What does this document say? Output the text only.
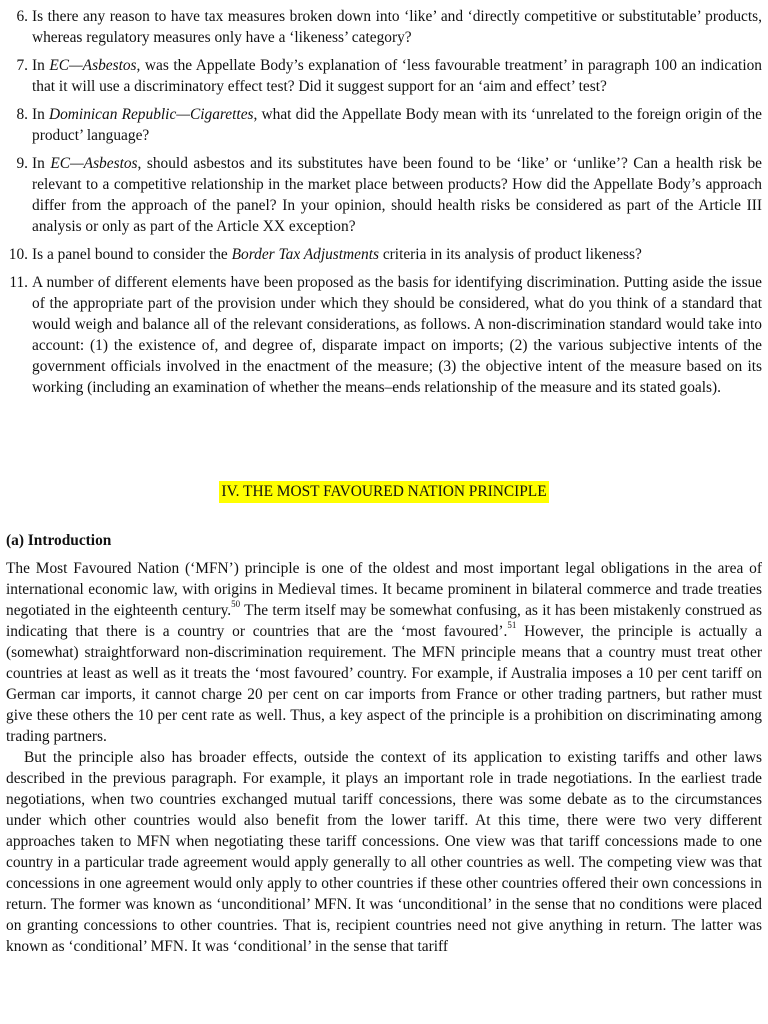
6. Is there any reason to have tax measures broken down into ‘like’ and ‘directly competitive or substitutable’ products, whereas regulatory measures only have a ‘likeness’ category?
7. In EC—Asbestos, was the Appellate Body’s explanation of ‘less favourable treatment’ in paragraph 100 an indication that it will use a discriminatory effect test? Did it suggest support for an ‘aim and effect’ test?
8. In Dominican Republic—Cigarettes, what did the Appellate Body mean with its ‘unrelated to the foreign origin of the product’ language?
9. In EC—Asbestos, should asbestos and its substitutes have been found to be ‘like’ or ‘unlike’? Can a health risk be relevant to a competitive relationship in the market place between products? How did the Appellate Body’s approach differ from the approach of the panel? In your opinion, should health risks be considered as part of the Article III analysis or only as part of the Article XX exception?
10. Is a panel bound to consider the Border Tax Adjustments criteria in its analysis of product likeness?
11. A number of different elements have been proposed as the basis for identifying discrimination. Putting aside the issue of the appropriate part of the provision under which they should be considered, what do you think of a standard that would weigh and balance all of the relevant considerations, as follows. A non-discrimination standard would take into account: (1) the existence of, and degree of, disparate impact on imports; (2) the various subjective intents of the government officials involved in the enactment of the measure; (3) the objective intent of the measure based on its working (including an examination of whether the means–ends relationship of the measure and its stated goals).
IV. THE MOST FAVOURED NATION PRINCIPLE
(a) Introduction

The Most Favoured Nation (‘MFN’) principle is one of the oldest and most important legal obligations in the area of international economic law, with origins in Medieval times. It became prominent in bilateral commerce and trade treaties negotiated in the eighteenth century.$^{50}$ The term itself may be somewhat confusing, as it has been mistakenly construed as indicating that there is a country or countries that are the ‘most favoured’.$^{51}$ However, the principle is actually a (somewhat) straightforward non-discrimination requirement. The MFN principle means that a country must treat other countries at least as well as it treats the ‘most favoured’ country. For example, if Australia imposes a 10 per cent tariff on German car imports, it cannot charge 20 per cent on car imports from France or other trading partners, but rather must give these others the 10 per cent rate as well. Thus, a key aspect of the principle is a prohibition on discriminating among trading partners.

But the principle also has broader effects, outside the context of its application to existing tariffs and other laws described in the previous paragraph. For example, it plays an important role in trade negotiations. In the earliest trade negotiations, when two countries exchanged mutual tariff concessions, there was some debate as to the circumstances under which other countries would also benefit from the lower tariff. At this time, there were two very different approaches taken to MFN when negotiating these tariff concessions. One view was that tariff concessions made to one country in a particular trade agreement would apply generally to all other countries as well. The competing view was that concessions in one agreement would only apply to other countries if these other countries offered their own concessions in return. The former was known as ‘unconditional’ MFN. It was ‘unconditional’ in the sense that no conditions were placed on granting concessions to other countries. That is, recipient countries need not give anything in return. The latter was known as ‘conditional’ MFN. It was ‘conditional’ in the sense that tariff
